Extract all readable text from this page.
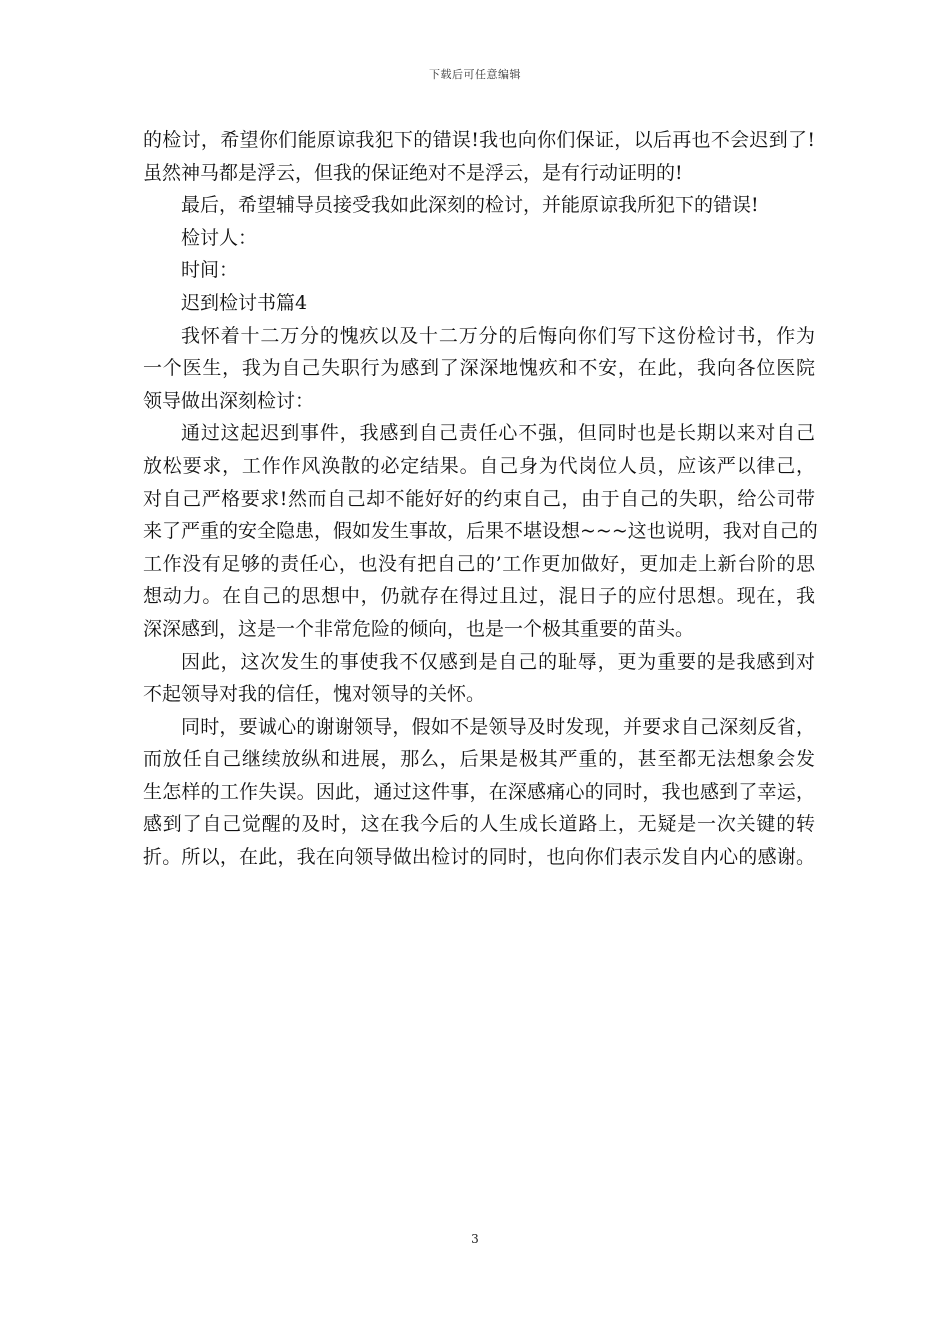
下载后可任意编辑
的检讨，希望你们能原谅我犯下的错误!我也向你们保证，以后再也不会迟到了!
虽然神马都是浮云，但我的保证绝对不是浮云，是有行动证明的!
最后，希望辅导员接受我如此深刻的检讨，并能原谅我所犯下的错误!
检讨人：
时间：
迟到检讨书篇4
我怀着十二万分的愧疚以及十二万分的后悔向你们写下这份检讨书，作为
一个医生，我为自己失职行为感到了深深地愧疚和不安，在此，我向各位医院
领导做出深刻检讨：
通过这起迟到事件，我感到自己责任心不强，但同时也是长期以来对自己
放松要求，工作作风涣散的必定结果。自己身为代岗位人员，应该严以律己，
对自己严格要求!然而自己却不能好好的约束自己，由于自己的失职，给公司带
来了严重的安全隐患，假如发生事故，后果不堪设想~~~这也说明，我对自己的
工作没有足够的责任心，也没有把自己的’工作更加做好，更加走上新台阶的思
想动力。在自己的思想中，仍就存在得过且过，混日子的应付思想。现在，我
深深感到，这是一个非常危险的倾向，也是一个极其重要的苗头。
因此，这次发生的事使我不仅感到是自己的耻辱，更为重要的是我感到对
不起领导对我的信任，愧对领导的关怀。
同时，要诚心的谢谢领导，假如不是领导及时发现，并要求自己深刻反省，
而放任自己继续放纵和进展，那么，后果是极其严重的，甚至都无法想象会发
生怎样的工作失误。因此，通过这件事，在深感痛心的同时，我也感到了幸运，
感到了自己觉醒的及时，这在我今后的人生成长道路上，无疑是一次关键的转
折。所以，在此，我在向领导做出检讨的同时，也向你们表示发自内心的感谢。
3
